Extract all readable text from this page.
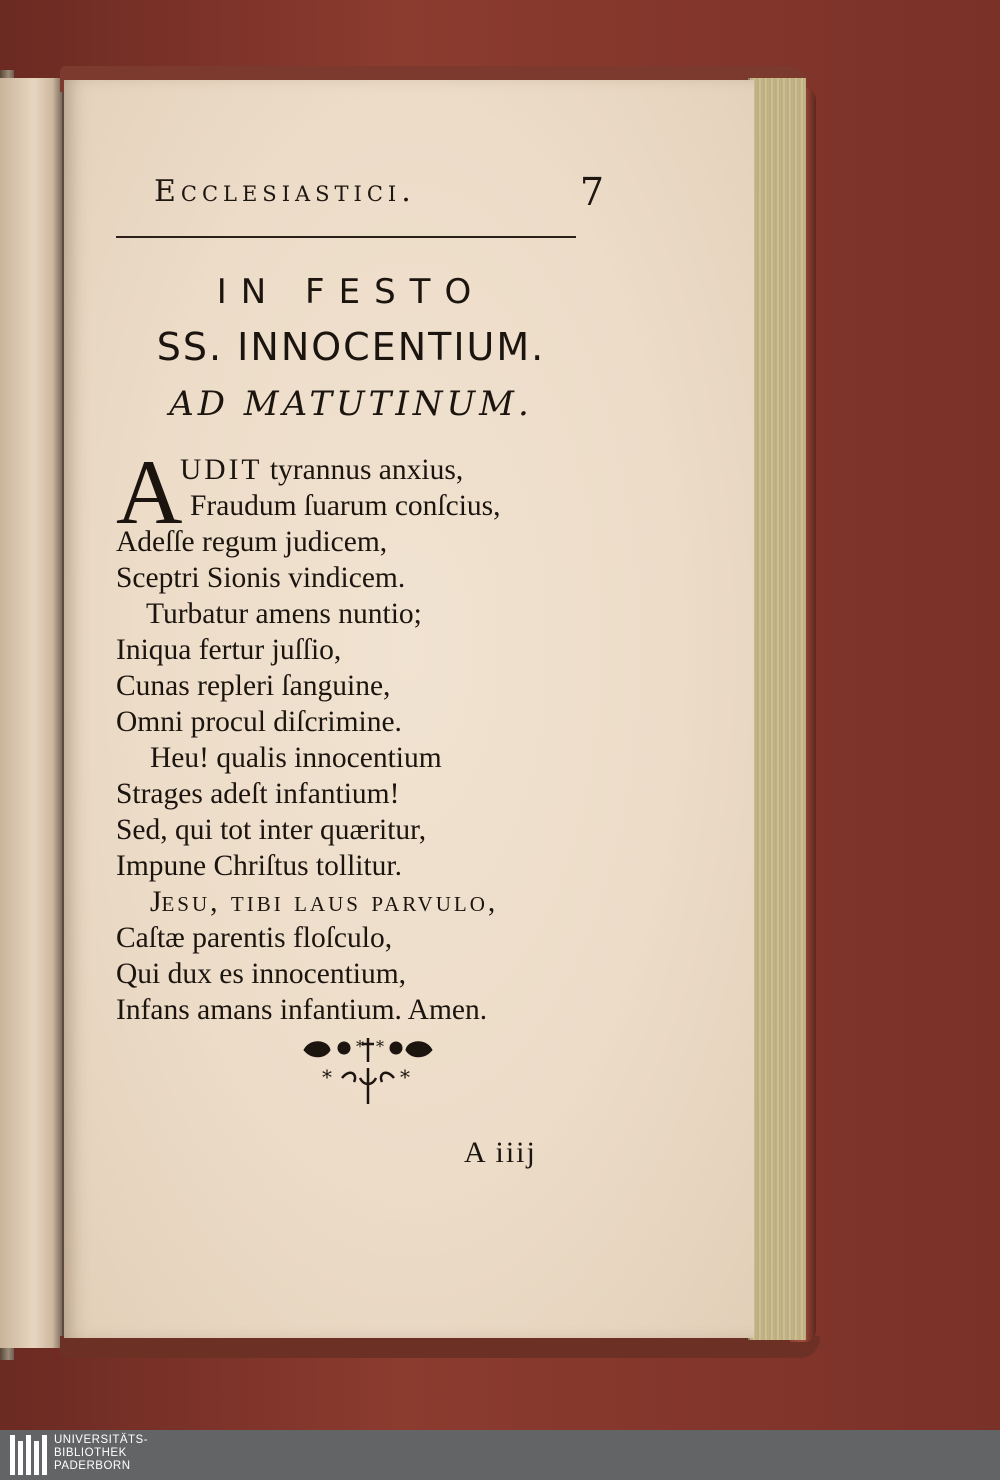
Ecclesiastici.	7
IN FESTO
SS. INNOCENTIUM.
AD MATUTINUM.
A
UDIT tyrannus anxius,
Fraudum ſuarum conſcius,
Adeſſe regum judicem,
Sceptri Sionis vindicem.
Turbatur amens nuntio;
Iniqua fertur juſſio,
Cunas repleri ſanguine,
Omni procul diſcrimine.
Heu! qualis innocentium
Strages adeſt infantium!
Sed, qui tot inter quæritur,
Impune Chriſtus tollitur.
Jesu, tibi laus parvulo,
Caſtæ parentis floſculo,
Qui dux es innocentium,
Infans amans infantium. Amen.
* *
*	*
A iiij
UNIVERSITÄTS-
BIBLIOTHEK
PADERBORN
